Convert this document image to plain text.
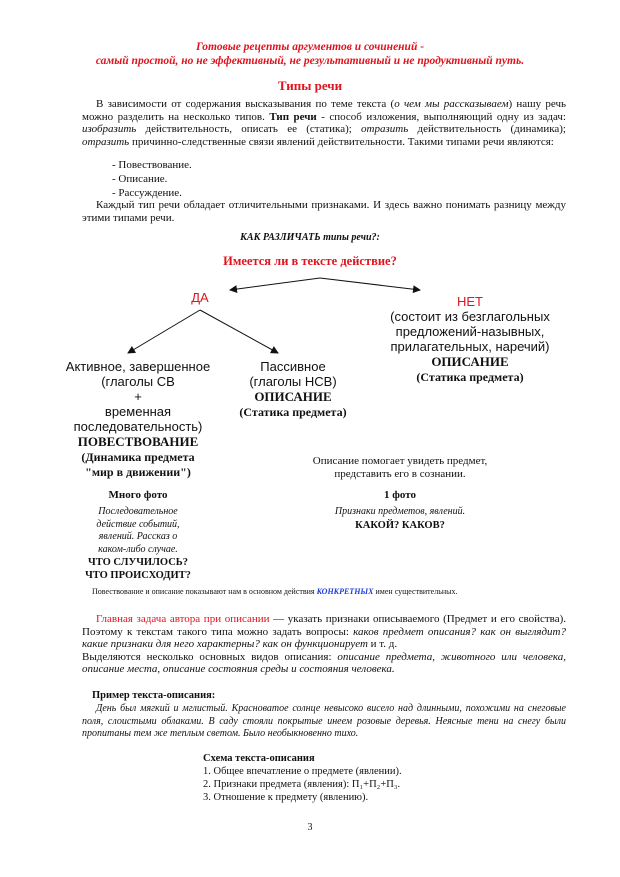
Готовые рецепты аргументов и сочинений -
самый простой, но не эффективный, не результативный и не продуктивный путь.
Типы речи

В зависимости от содержания высказывания по теме текста (о чем мы рассказываем) нашу речь можно разделить на несколько типов. Тип речи - способ изложения, выполняющий одну из задач: изобразить действительность, описать ее (статика); отразить действительность (динамика); отразить причинно-следственные связи явлений действительности. Такими типами речи являются:

- Повествование.
- Описание.
- Рассуждение.

Каждый тип речи обладает отличительными признаками. И здесь важно понимать разницу между этими типами речи.

КАК РАЗЛИЧАТЬ типы речи?:
Имеется ли в тексте действие?
ДА	НЕТ
(состоит из безглагольных
предложений-назывных,
прилагательных, наречий)
ОПИСАНИЕ
(Статика предмета)
Активное, завершенное
(глаголы СВ
+
временная
последовательность)
ПОВЕСТВОВАНИЕ
(Динамика предмета
"мир в движении")
Пассивное
(глаголы НСВ)
ОПИСАНИЕ
(Статика предмета)
Много фото
Последовательное
действие событий,
явлений. Рассказ о
каком-либо случае.
ЧТО СЛУЧИЛОСЬ?
ЧТО ПРОИСХОДИТ?
Описание помогает увидеть предмет,
представить его в сознании.
1 фото
Признаки предметов, явлений.
КАКОЙ? КАКОВ?
Повествование и описание показывают нам в основном действия КОНКРЕТНЫХ имен существительных.

Главная задача автора при описании — указать признаки описываемого (Предмет и его свойства). Поэтому к текстам такого типа можно задать вопросы: каков предмет описания? как он выглядит? какие признаки для него характерны? как он функционирует и т. д.

Выделяются несколько основных видов описания: описание предмета, животного или человека, описание места, описание состояния среды и состояния человека.

Пример текста-описания:

День был мягкий и мглистый. Красноватое солнце невысоко висело над длинными, похожими на снеговые поля, слоистыми облаками. В саду стояли покрытые инеем розовые деревья. Неясные тени на снегу были пропитаны тем же теплым светом. Было необыкновенно тихо.

Схема текста-описания
1. Общее впечатление о предмете (явлении).
2. Признаки предмета (явления): П₁+П₂+П₃.
3. Отношение к предмету (явлению).
3
